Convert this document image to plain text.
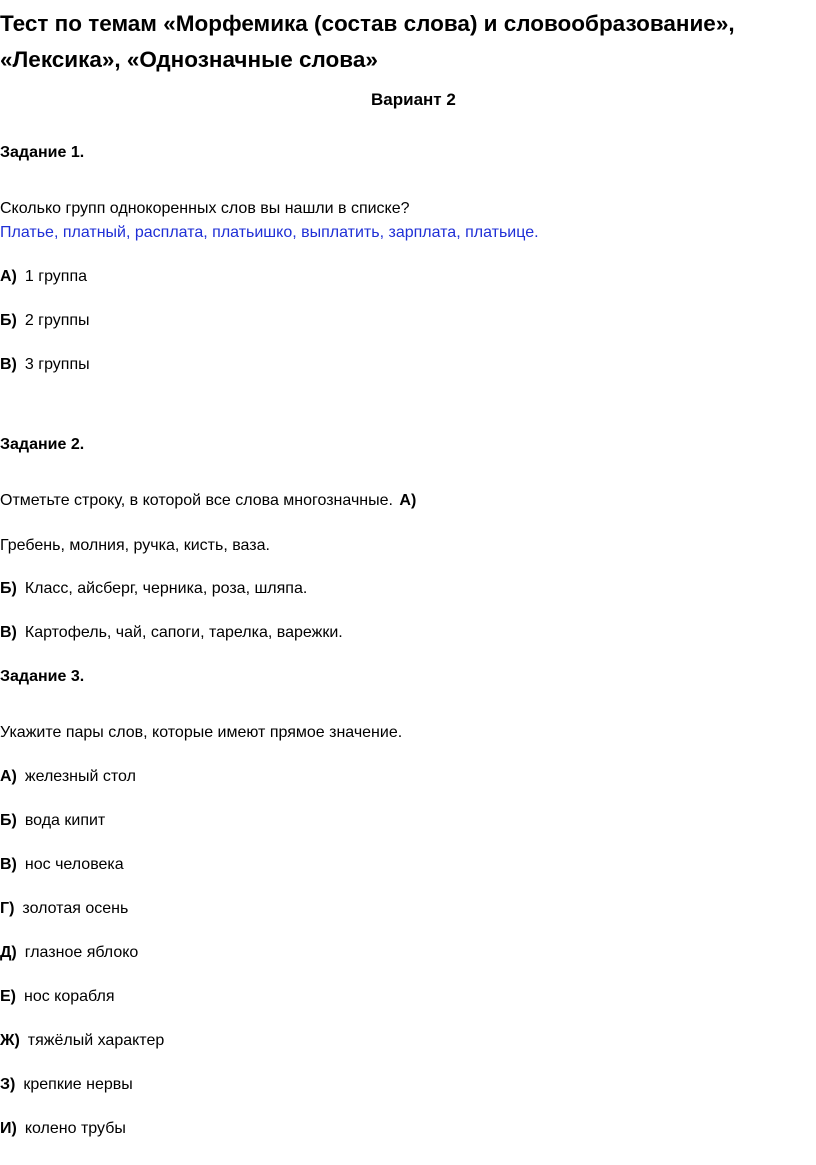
Тест по темам «Морфемика (состав слова) и словообразование», «Лексика», «Однозначные слова»
Вариант 2
Задание 1.
Сколько групп однокоренных слов вы нашли в списке?
Платье, платный, расплата, платьишко, выплатить, зарплата, платьице.
А) 1 группа
Б) 2 группы
В) 3 группы
Задание 2.
Отметьте строку, в которой все слова многозначные. А)
Гребень, молния, ручка, кисть, ваза.
Б) Класс, айсберг, черника, роза, шляпа.
В) Картофель, чай, сапоги, тарелка, варежки.
Задание 3.
Укажите пары слов, которые имеют прямое значение.
А) железный стол
Б) вода кипит
В) нос человека
Г) золотая осень
Д) глазное яблоко
Е) нос корабля
Ж) тяжёлый характер
З) крепкие нервы
И) колено трубы
